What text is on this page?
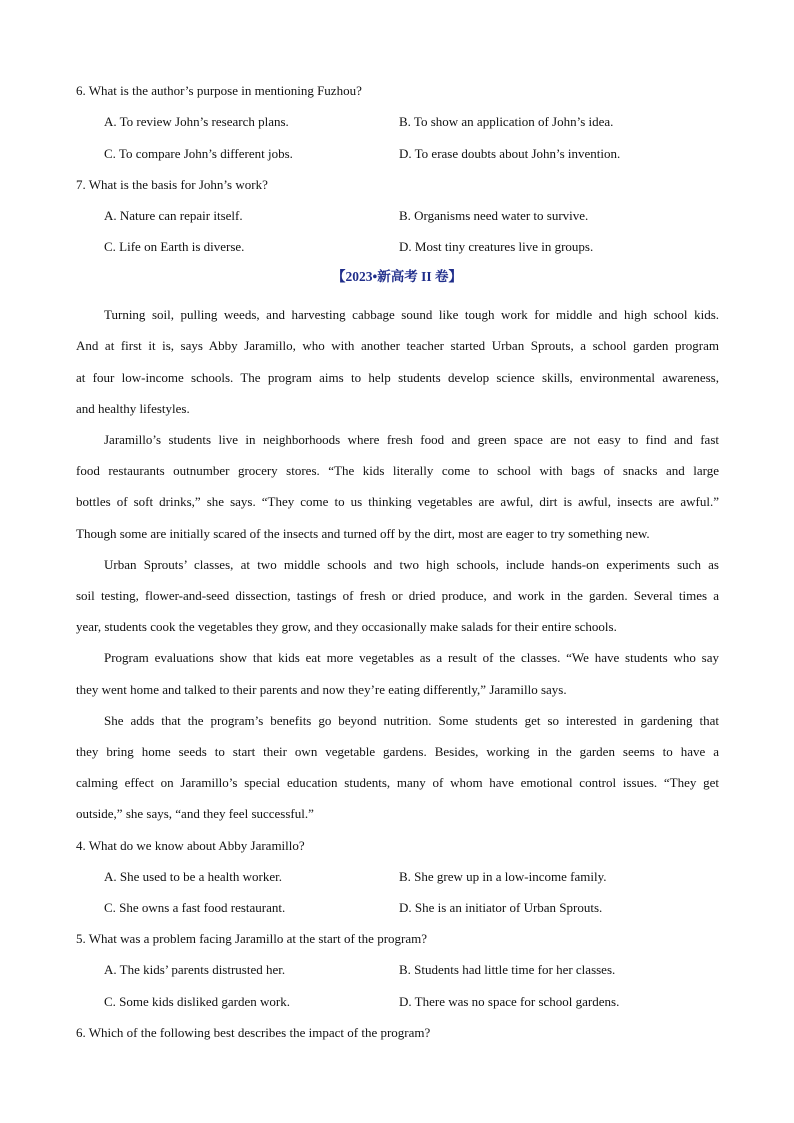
6. What is the author’s purpose in mentioning Fuzhou?
A. To review John’s research plans.	B. To show an application of John’s idea.
C. To compare John’s different jobs.	D. To erase doubts about John’s invention.
7. What is the basis for John’s work?
A. Nature can repair itself.	B. Organisms need water to survive.
C. Life on Earth is diverse.	D. Most tiny creatures live in groups.
【2023•新高考 II 卷】
Turning soil, pulling weeds, and harvesting cabbage sound like tough work for middle and high school kids.
And at first it is, says Abby Jaramillo, who with another teacher started Urban Sprouts, a school garden program
at four low-income schools. The program aims to help students develop science skills, environmental awareness,
and healthy lifestyles.
Jaramillo’s students live in neighborhoods where fresh food and green space are not easy to find and fast
food restaurants outnumber grocery stores. “The kids literally come to school with bags of snacks and large
bottles of soft drinks,” she says. “They come to us thinking vegetables are awful, dirt is awful, insects are awful.”
Though some are initially scared of the insects and turned off by the dirt, most are eager to try something new.
Urban Sprouts’ classes, at two middle schools and two high schools, include hands-on experiments such as
soil testing, flower-and-seed dissection, tastings of fresh or dried produce, and work in the garden. Several times a
year, students cook the vegetables they grow, and they occasionally make salads for their entire schools.
Program evaluations show that kids eat more vegetables as a result of the classes. “We have students who say
they went home and talked to their parents and now they’re eating differently,” Jaramillo says.
She adds that the program’s benefits go beyond nutrition. Some students get so interested in gardening that
they bring home seeds to start their own vegetable gardens. Besides, working in the garden seems to have a
calming effect on Jaramillo’s special education students, many of whom have emotional control issues. “They get
outside,” she says, “and they feel successful.”
4. What do we know about Abby Jaramillo?
A. She used to be a health worker.	B. She grew up in a low-income family.
C. She owns a fast food restaurant.	D. She is an initiator of Urban Sprouts.
5. What was a problem facing Jaramillo at the start of the program?
A. The kids’ parents distrusted her.	B. Students had little time for her classes.
C. Some kids disliked garden work.	D. There was no space for school gardens.
6. Which of the following best describes the impact of the program?
